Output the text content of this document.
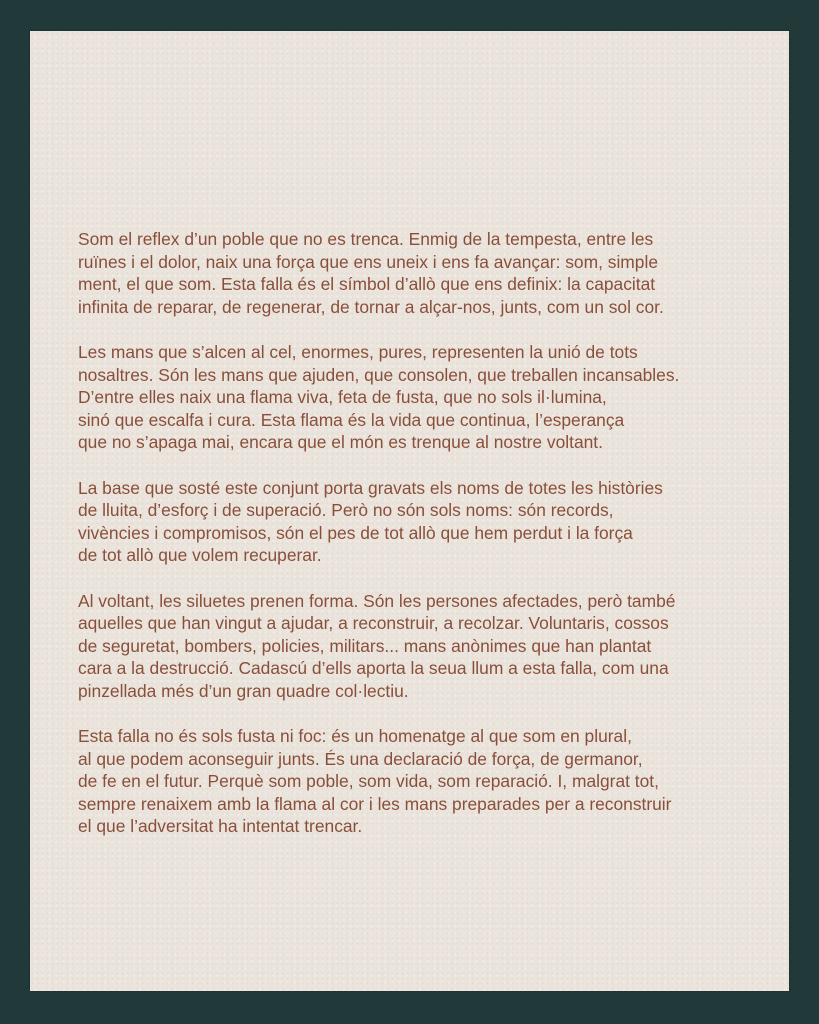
Som el reflex d’un poble que no es trenca. Enmig de la tempesta, entre les
ruïnes i el dolor, naix una força que ens uneix i ens fa avançar: som, simple
ment, el que som. Esta falla és el símbol d’allò que ens definix: la capacitat
infinita de reparar, de regenerar, de tornar a alçar-nos, junts, com un sol cor.

Les mans que s’alcen al cel, enormes, pures, representen la unió de tots
nosaltres. Són les mans que ajuden, que consolen, que treballen incansables.
D’entre elles naix una flama viva, feta de fusta, que no sols il·lumina,
sinó que escalfa i cura. Esta flama és la vida que continua, l’esperança
que no s’apaga mai, encara que el món es trenque al nostre voltant.

La base que sosté este conjunt porta gravats els noms de totes les històries
de lluita, d’esforç i de superació. Però no són sols noms: són records,
vivències i compromisos, són el pes de tot allò que hem perdut i la força
de tot allò que volem recuperar.

Al voltant, les siluetes prenen forma. Són les persones afectades, però també
aquelles que han vingut a ajudar, a reconstruir, a recolzar. Voluntaris, cossos
de seguretat, bombers, policies, militars... mans anònimes que han plantat
cara a la destrucció. Cadascú d’ells aporta la seua llum a esta falla, com una
pinzellada més d’un gran quadre col·lectiu.

Esta falla no és sols fusta ni foc: és un homenatge al que som en plural,
al que podem aconseguir junts. És una declaració de força, de germanor,
de fe en el futur. Perquè som poble, som vida, som reparació. I, malgrat tot,
sempre renaixem amb la flama al cor i les mans preparades per a reconstruir
el que l’adversitat ha intentat trencar.
